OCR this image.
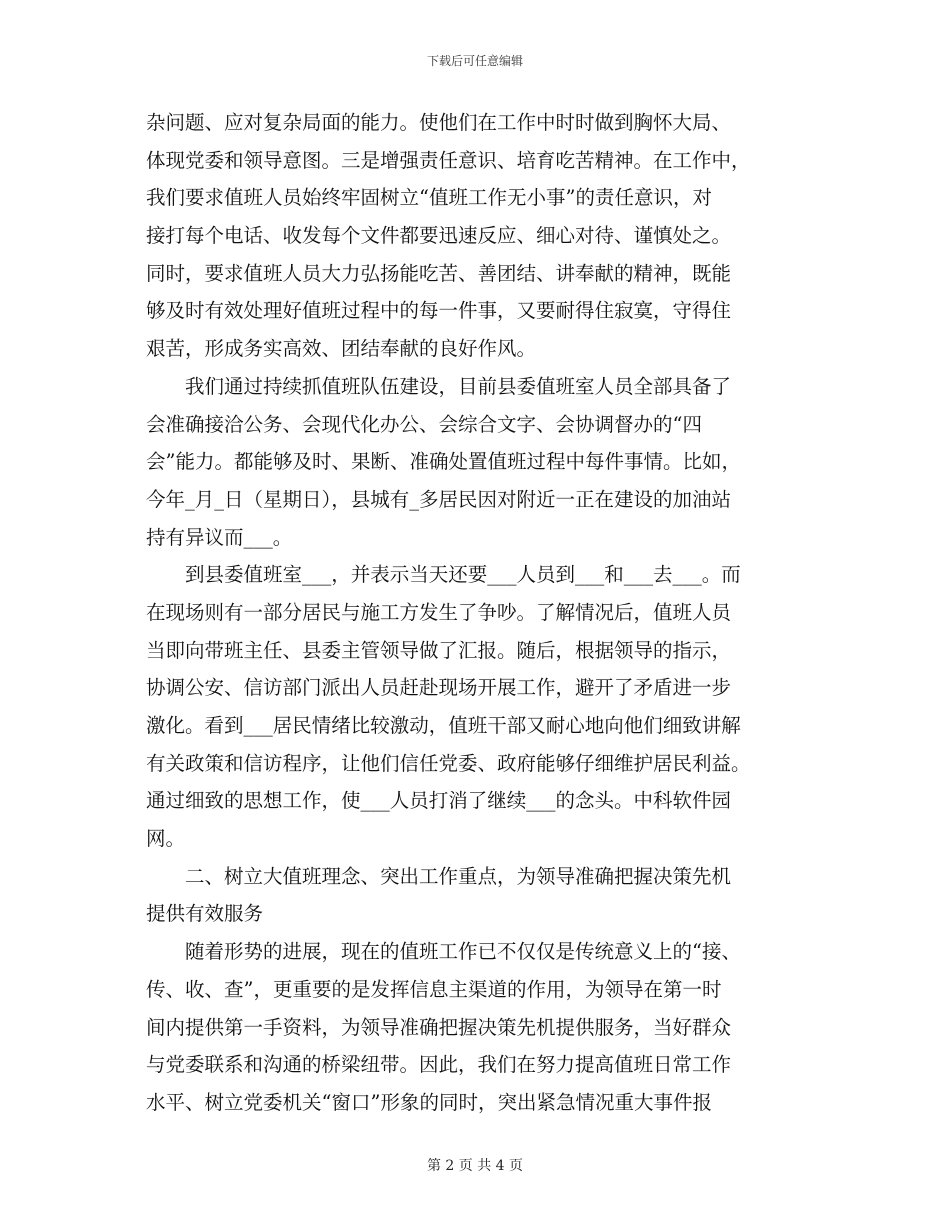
下载后可任意编辑
杂问题、应对复杂局面的能力。使他们在工作中时时做到胸怀大局、
体现党委和领导意图。三是增强责任意识、培育吃苦精神。在工作中，
我们要求值班人员始终牢固树立“值班工作无小事”的责任意识，对
接打每个电话、收发每个文件都要迅速反应、细心对待、谨慎处之。
同时，要求值班人员大力弘扬能吃苦、善团结、讲奉献的精神，既能
够及时有效处理好值班过程中的每一件事，又要耐得住寂寞，守得住
艰苦，形成务实高效、团结奉献的良好作风。
我们通过持续抓值班队伍建设，目前县委值班室人员全部具备了
会准确接洽公务、会现代化办公、会综合文字、会协调督办的“四
会”能力。都能够及时、果断、准确处置值班过程中每件事情。比如，
今年_月_日（星期日），县城有_多居民因对附近一正在建设的加油站
持有异议而___。
到县委值班室___，并表示当天还要___人员到___和___去___。而
在现场则有一部分居民与施工方发生了争吵。了解情况后，值班人员
当即向带班主任、县委主管领导做了汇报。随后，根据领导的指示，
协调公安、信访部门派出人员赶赴现场开展工作，避开了矛盾进一步
激化。看到___居民情绪比较激动，值班干部又耐心地向他们细致讲解
有关政策和信访程序，让他们信任党委、政府能够仔细维护居民利益。
通过细致的思想工作，使___人员打消了继续___的念头。中科软件园
网。
二、树立大值班理念、突出工作重点，为领导准确把握决策先机
提供有效服务
随着形势的进展，现在的值班工作已不仅仅是传统意义上的“接、
传、收、查”，更重要的是发挥信息主渠道的作用，为领导在第一时
间内提供第一手资料，为领导准确把握决策先机提供服务，当好群众
与党委联系和沟通的桥梁纽带。因此，我们在努力提高值班日常工作
水平、树立党委机关“窗口”形象的同时，突出紧急情况重大事件报
第 2 页 共 4 页
